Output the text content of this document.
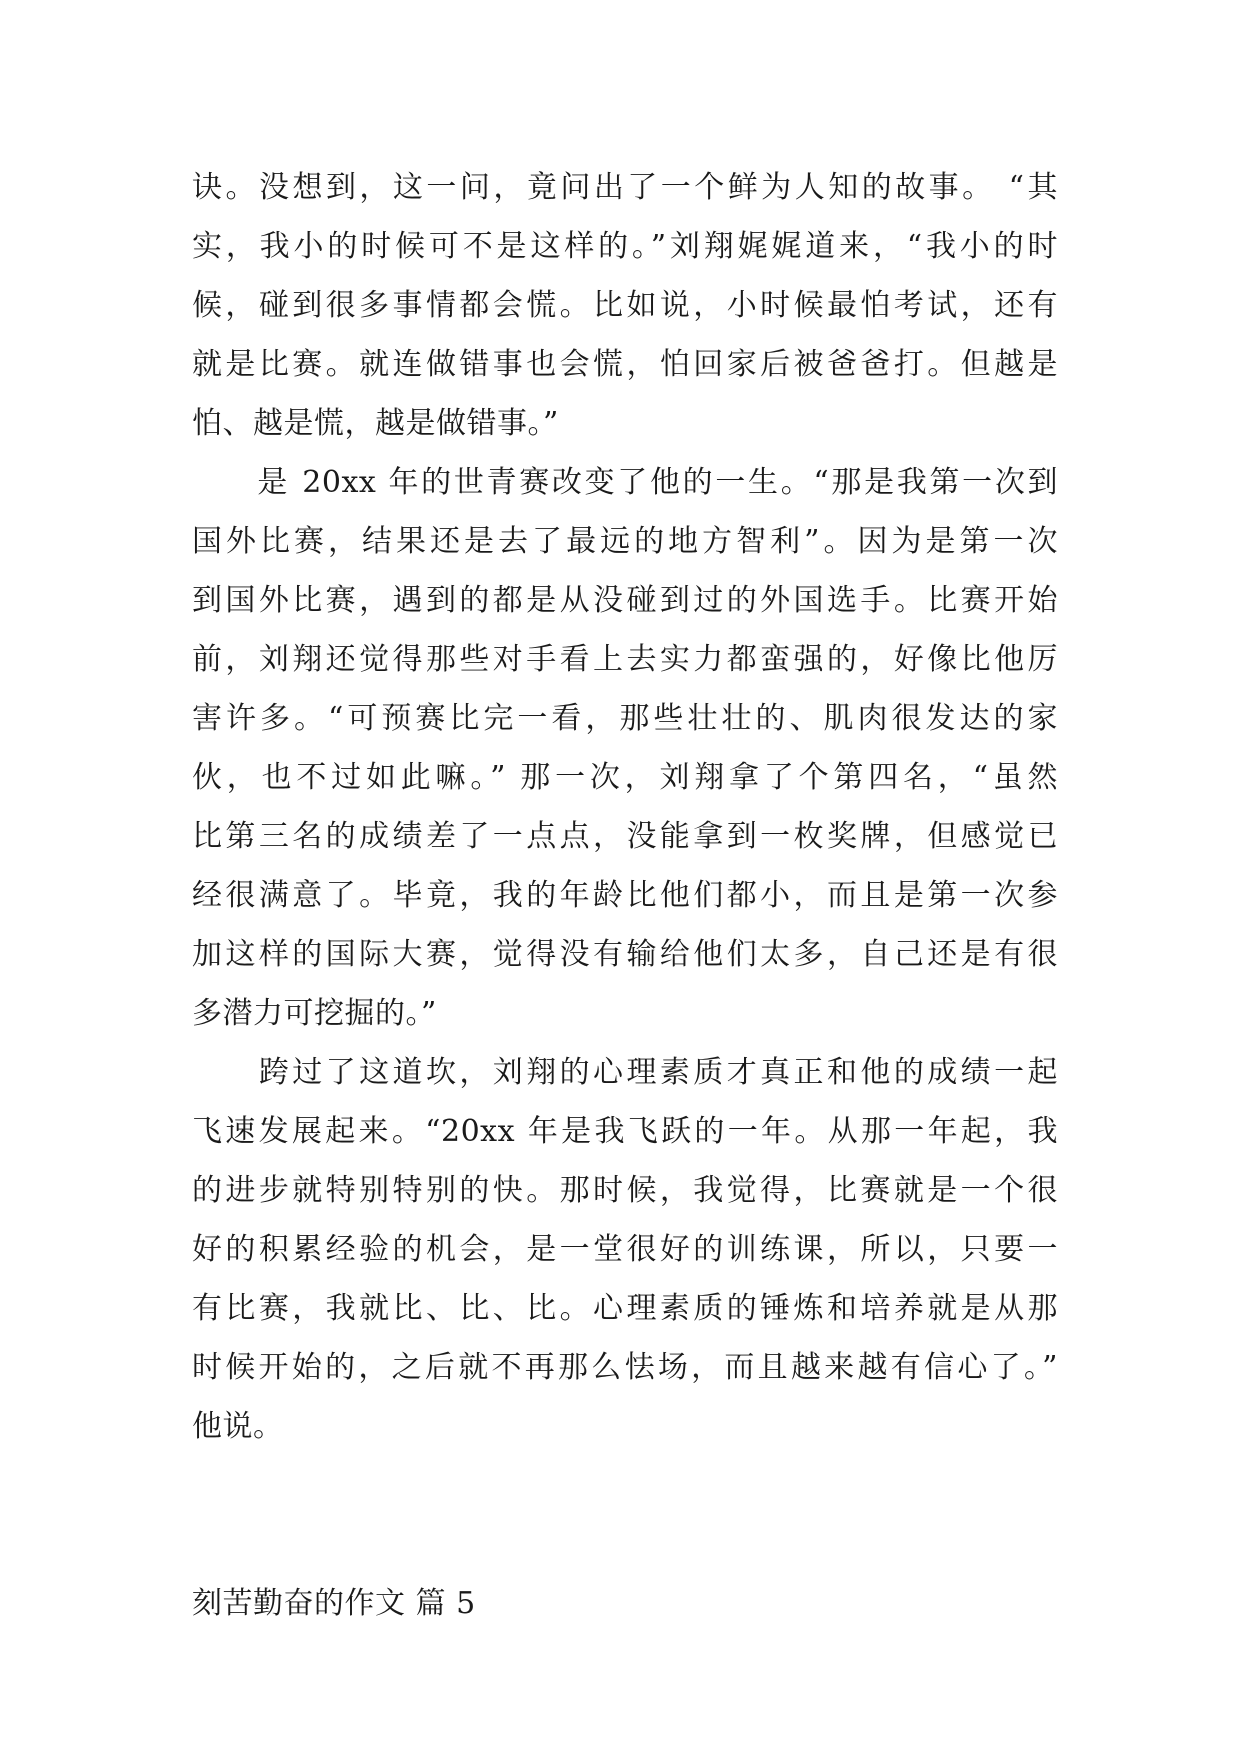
诀。没想到，这一问，竟问出了一个鲜为人知的故事。 “其
实，我小的时候可不是这样的。”刘翔娓娓道来，“我小的时
候，碰到很多事情都会慌。比如说，小时候最怕考试，还有
就是比赛。就连做错事也会慌，怕回家后被爸爸打。但越是
怕、越是慌，越是做错事。”
　　是 20xx 年的世青赛改变了他的一生。“那是我第一次到
国外比赛，结果还是去了最远的地方智利”。因为是第一次
到国外比赛，遇到的都是从没碰到过的外国选手。比赛开始
前，刘翔还觉得那些对手看上去实力都蛮强的，好像比他厉
害许多。“可预赛比完一看，那些壮壮的、肌肉很发达的家
伙，也不过如此嘛。” 那一次，刘翔拿了个第四名，“虽然
比第三名的成绩差了一点点，没能拿到一枚奖牌，但感觉已
经很满意了。毕竟，我的年龄比他们都小，而且是第一次参
加这样的国际大赛，觉得没有输给他们太多，自己还是有很
多潜力可挖掘的。”
　　跨过了这道坎，刘翔的心理素质才真正和他的成绩一起
飞速发展起来。“20xx 年是我飞跃的一年。从那一年起，我
的进步就特别特别的快。那时候，我觉得，比赛就是一个很
好的积累经验的机会，是一堂很好的训练课，所以，只要一
有比赛，我就比、比、比。心理素质的锤炼和培养就是从那
时候开始的，之后就不再那么怯场，而且越来越有信心了。”
他说。
刻苦勤奋的作文 篇 5
